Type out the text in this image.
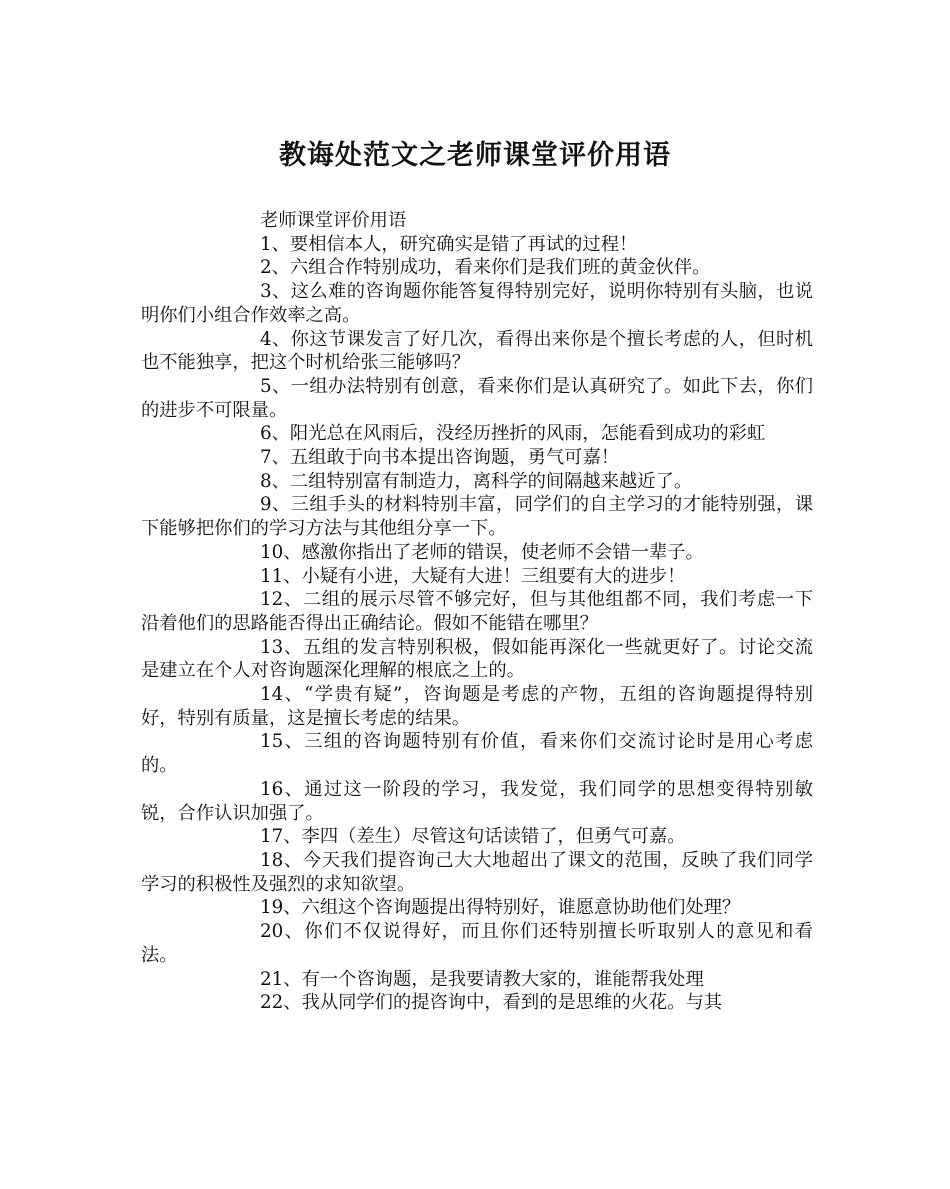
教诲处范文之老师课堂评价用语

老师课堂评价用语

1、要相信本人，研究确实是错了再试的过程！

2、六组合作特别成功，看来你们是我们班的黄金伙伴。

3、这么难的咨询题你能答复得特别完好，说明你特别有头脑，也说明你们小组合作效率之高。

4、你这节课发言了好几次，看得出来你是个擅长考虑的人，但时机也不能独享，把这个时机给张三能够吗？

5、一组办法特别有创意，看来你们是认真研究了。如此下去，你们的进步不可限量。

6、阳光总在风雨后，没经历挫折的风雨，怎能看到成功的彩虹

7、五组敢于向书本提出咨询题，勇气可嘉！

8、二组特别富有制造力，离科学的间隔越来越近了。

9、三组手头的材料特别丰富，同学们的自主学习的才能特别强，课下能够把你们的学习方法与其他组分享一下。

10、感激你指出了老师的错误，使老师不会错一辈子。

11、小疑有小进，大疑有大进！三组要有大的进步！

12、二组的展示尽管不够完好，但与其他组都不同，我们考虑一下沿着他们的思路能否得出正确结论。假如不能错在哪里？

13、五组的发言特别积极，假如能再深化一些就更好了。讨论交流是建立在个人对咨询题深化理解的根底之上的。

14、“学贵有疑”，咨询题是考虑的产物，五组的咨询题提得特别好，特别有质量，这是擅长考虑的结果。

15、三组的咨询题特别有价值，看来你们交流讨论时是用心考虑的。

16、通过这一阶段的学习，我发觉，我们同学的思想变得特别敏锐，合作认识加强了。

17、李四（差生）尽管这句话读错了，但勇气可嘉。

18、今天我们提咨询己大大地超出了课文的范围，反映了我们同学学习的积极性及强烈的求知欲望。

19、六组这个咨询题提出得特别好，谁愿意协助他们处理？

20、你们不仅说得好，而且你们还特别擅长听取别人的意见和看法。

21、有一个咨询题，是我要请教大家的，谁能帮我处理

22、我从同学们的提咨询中，看到的是思维的火花。与其
